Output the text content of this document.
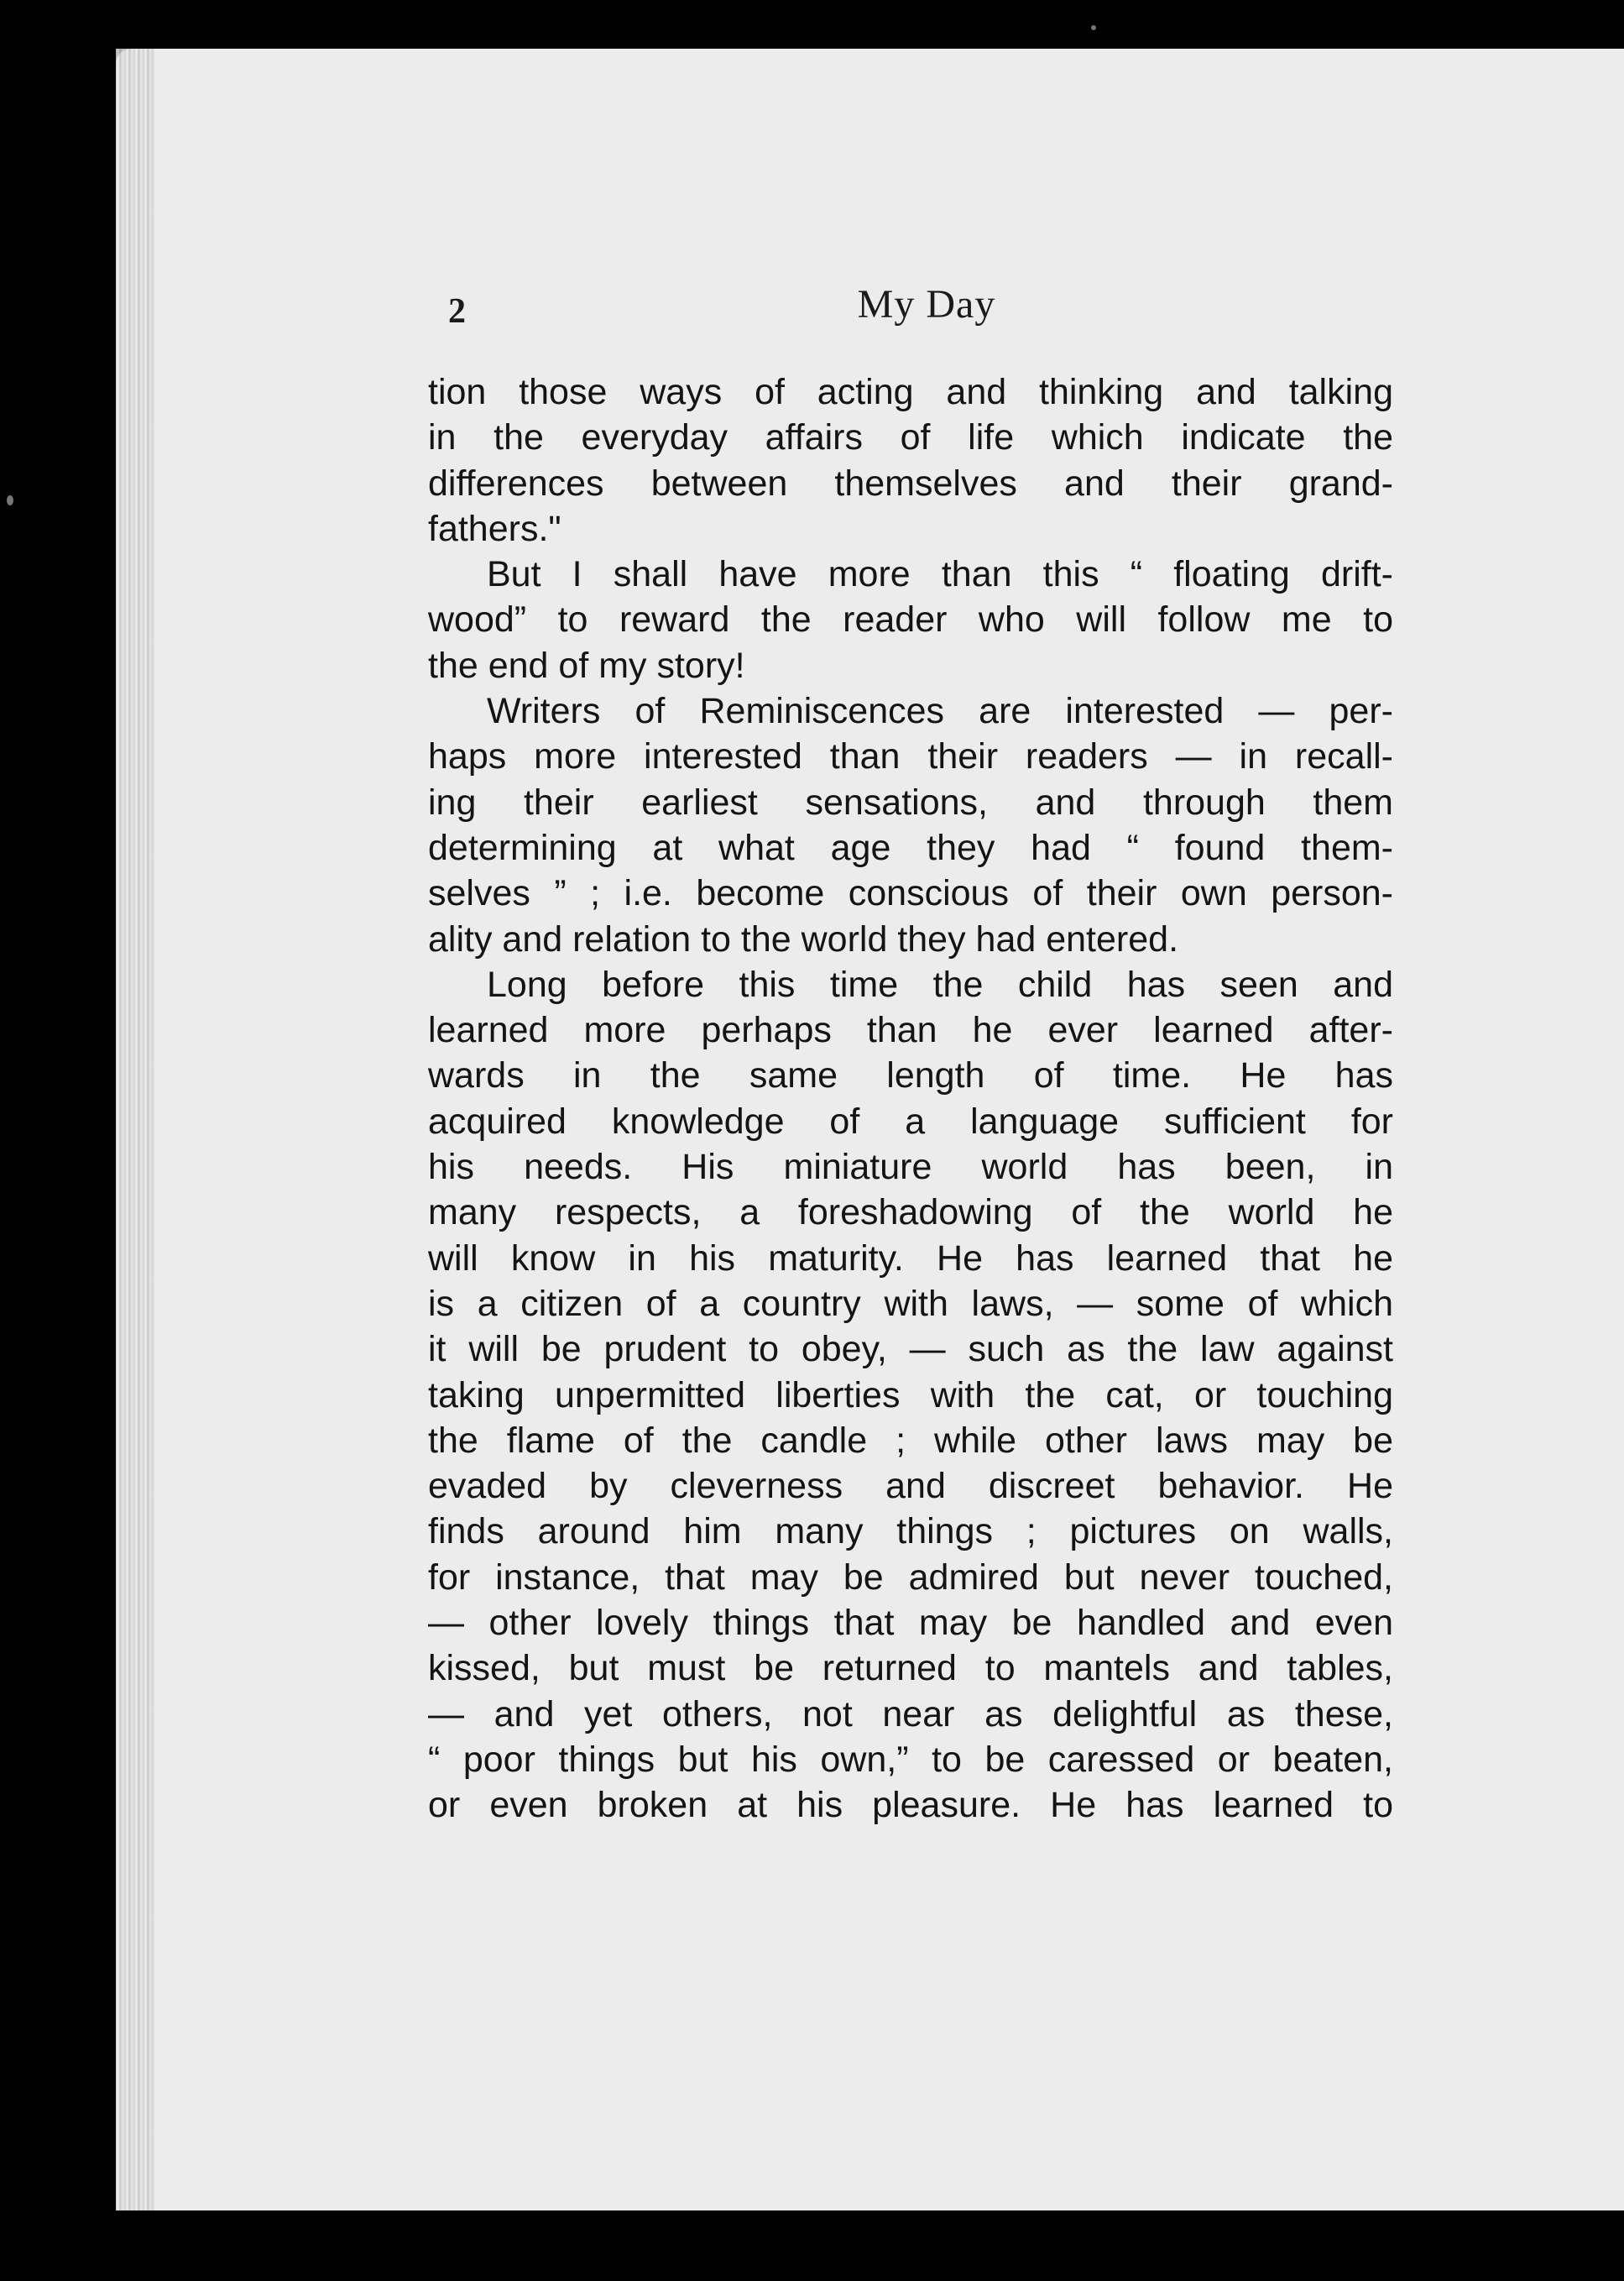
2	My Day
tion those ways of acting and thinking and talking
in the everyday affairs of life which indicate the
differences between themselves and their grand-
fathers."
But I shall have more than this “ floating drift-
wood” to reward the reader who will follow me to
the end of my story!
Writers of Reminiscences are interested — per-
haps more interested than their readers — in recall-
ing their earliest sensations, and through them
determining at what age they had “ found them-
selves ” ; i.e. become conscious of their own person-
ality and relation to the world they had entered.
Long before this time the child has seen and
learned more perhaps than he ever learned after-
wards in the same length of time. He has
acquired knowledge of a language sufficient for
his needs. His miniature world has been, in
many respects, a foreshadowing of the world he
will know in his maturity. He has learned that he
is a citizen of a country with laws, — some of which
it will be prudent to obey, — such as the law against
taking unpermitted liberties with the cat, or touching
the flame of the candle ; while other laws may be
evaded by cleverness and discreet behavior. He
finds around him many things ; pictures on walls,
for instance, that may be admired but never touched,
— other lovely things that may be handled and even
kissed, but must be returned to mantels and tables,
— and yet others, not near as delightful as these,
“ poor things but his own,” to be caressed or beaten,
or even broken at his pleasure. He has learned to
